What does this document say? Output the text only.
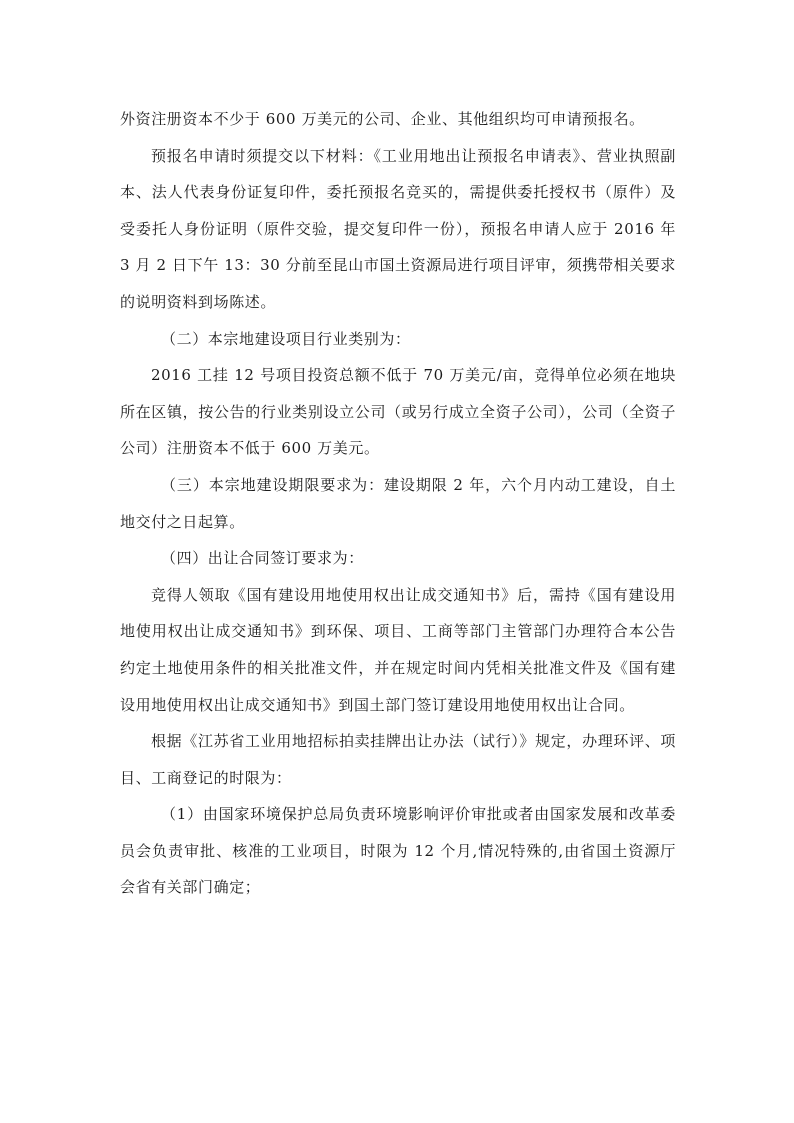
外资注册资本不少于 600 万美元的公司、企业、其他组织均可申请预报名。

预报名申请时须提交以下材料：《工业用地出让预报名申请表》、营业执照副本、法人代表身份证复印件，委托预报名竞买的，需提供委托授权书（原件）及受委托人身份证明（原件交验，提交复印件一份），预报名申请人应于 2016 年 3 月 2 日下午 13：30 分前至昆山市国土资源局进行项目评审，须携带相关要求的说明资料到场陈述。

（二）本宗地建设项目行业类别为：

2016 工挂 12 号项目投资总额不低于 70 万美元/亩，竞得单位必须在地块所在区镇，按公告的行业类别设立公司（或另行成立全资子公司），公司（全资子公司）注册资本不低于 600 万美元。

（三）本宗地建设期限要求为：建设期限 2 年，六个月内动工建设，自土地交付之日起算。

（四）出让合同签订要求为：

竞得人领取《国有建设用地使用权出让成交通知书》后，需持《国有建设用地使用权出让成交通知书》到环保、项目、工商等部门主管部门办理符合本公告约定土地使用条件的相关批准文件，并在规定时间内凭相关批准文件及《国有建设用地使用权出让成交通知书》到国土部门签订建设用地使用权出让合同。

根据《江苏省工业用地招标拍卖挂牌出让办法（试行）》规定，办理环评、项目、工商登记的时限为：

（1）由国家环境保护总局负责环境影响评价审批或者由国家发展和改革委员会负责审批、核准的工业项目，时限为 12 个月,情况特殊的,由省国土资源厅会省有关部门确定；
